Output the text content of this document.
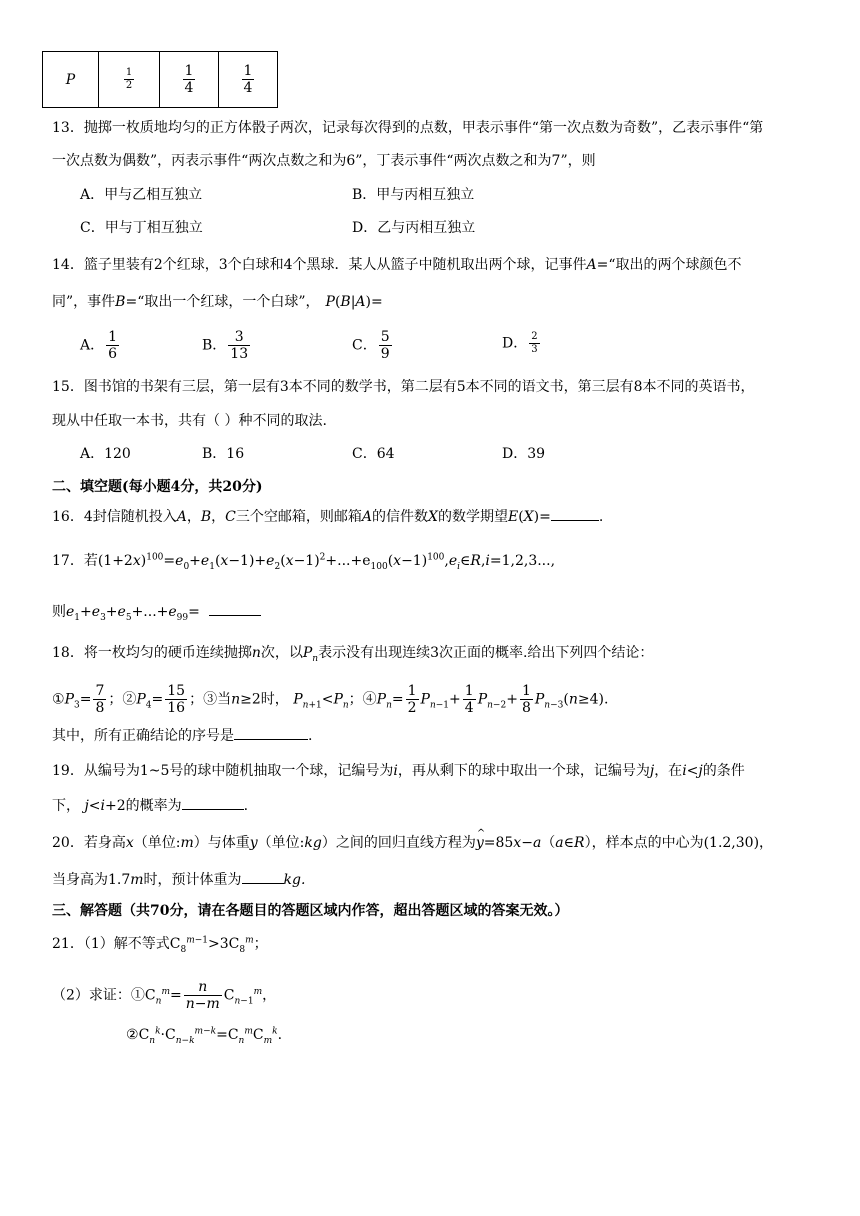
P	$\frac{1}{2}$	$\frac{1}{4}$	$\frac{1}{4}$
13．抛掷一枚质地均匀的正方体骰子两次，记录每次得到的点数，甲表示事件“第一次点数为奇数”，乙表示事件“第
一次点数为偶数”，丙表示事件“两次点数之和为6”，丁表示事件“两次点数之和为7”，则
A．甲与乙相互独立	B．甲与丙相互独立
C．甲与丁相互独立	D．乙与丙相互独立
14．篮子里装有2个红球，3个白球和4个黑球．某人从篮子中随机取出两个球，记事件A=“取出的两个球颜色不
同”，事件B=“取出一个红球，一个白球”， P(B|A)=
A． $\frac{1}{6}$	B． $\frac{3}{13}$	C． $\frac{5}{9}$	D． $\frac{2}{3}$
15．图书馆的书架有三层，第一层有3本不同的数学书，第二层有5本不同的语文书，第三层有8本不同的英语书，
现从中任取一本书，共有（ ）种不同的取法.
A．120	B．16	C．64	D．39
二、填空题(每小题4分，共20分)
16．4封信随机投入A，B，C三个空邮箱，则邮箱A的信件数X的数学期望E(X)=	.
17．若$(1+2x)^{100}=e_0+e_1(x-1)+e_2(x-1)^2+...+e_{100}(x-1)^{100},e_i\in R,i=1,2,3$...,
则$e_1+e_3+e_5+...+e_{99}=$
18．将一枚均匀的硬币连续抛掷n次，以$P_n$表示没有出现连续3次正面的概率.给出下列四个结论：
$①P_3= \frac{7}{8}$ ；$②P_4= \frac{15}{16}$ ；③当n≥2时， $P_{n+1}<P_n$；$④P_n= \frac{1}{2} P_{n-1}+ \frac{1}{4} P_{n-2}+ \frac{1}{8} P_{n-3}(n\ge 4)$.
其中，所有正确结论的序号是	.
19．从编号为1~5号的球中随机抽取一个球，记编号为i，再从剩下的球中取出一个球，记编号为j，在i<j的条件
下， j<i+2的概率为	.
20．若身高x（单位:m）与体重y（单位:kg）之间的回归直线方程为^ y=85x−a（a∈R），样本点的中心为(1.2,30)，
当身高为1.7m时，预计体重为	kg.
三、解答题（共70分，请在各题目的答题区域内作答，超出答题区域的答案无效。）
21．（1）解不等式$C_8^{m-1}>3C_8^m$；
（2）求证：$①C_n^m= \frac{n}{n-m} C_{n-1}^m$，
$②C_n^k\cdot C_{n-k}^{m-k}=C_n^mC_m^k$.
